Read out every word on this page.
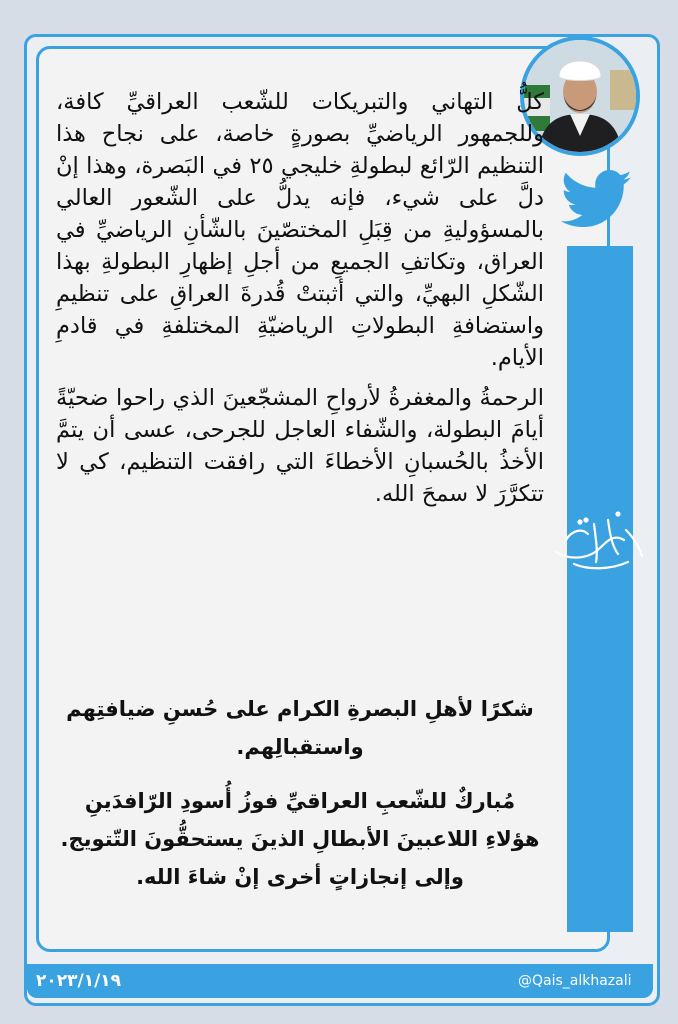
كلُّ التهاني والتبريكات للشّعب العراقيِّ كافة، وللجمهور الرياضيِّ بصورةٍ خاصة، على نجاح هذا التنظيم الرّائع لبطولةِ خليجي ٢٥ في البَصرة، وهذا إنْ دلَّ على شيء، فإنه يدلُّ على الشّعور العالي بالمسؤوليةِ من قِبَلِ المختصّينَ بالشّأنِ الرياضيِّ في العراق، وتكاتفِ الجميعِ من أجلِ إظهارِ البطولةِ بهذا الشّكلِ البهيِّ، والتي أثبتتْ قُدرةَ العراقِ على تنظيمِ واستضافةِ البطولاتِ الرياضيّةِ المختلفةِ في قادمِ الأيام.

الرحمةُ والمغفرةُ لأرواحِ المشجّعينَ الذي راحوا ضحيّةً أيامَ البطولة، والشّفاء العاجل للجرحى، عسى أن يتمَّ الأخذُ بالحُسبانِ الأخطاءَ التي رافقت التنظيم، كي لا تتكرَّرَ لا سمحَ الله.

شكرًا لأهلِ البصرةِ الكرام على حُسنِ ضيافتِهم واستقبالِهم.

مُباركٌ للشّعبِ العراقيِّ فوزُ أُسودِ الرّافدَينِ هؤلاءِ اللاعبينَ الأبطالِ الذينَ يستحقُّونَ التّتويج. وإلى إنجازاتٍ أخرى إنْ شاءَ الله.

٢٠٢٣/١/١٩	@Qais_alkhazali
